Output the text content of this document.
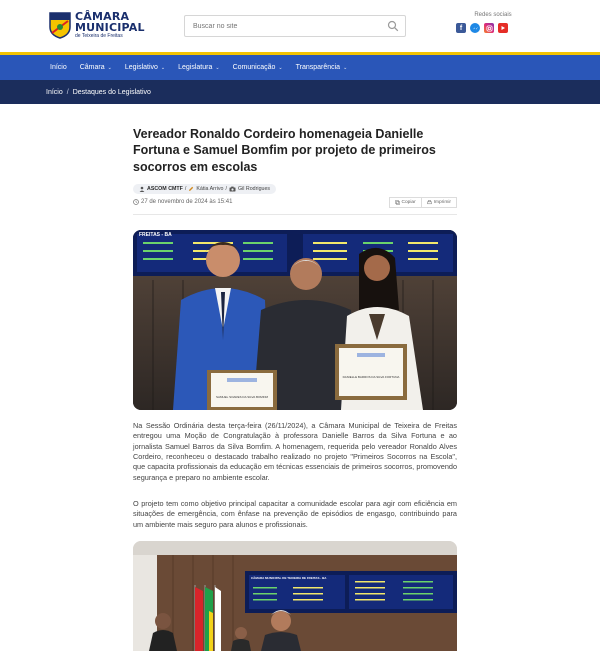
CÂMARA
MUNICIPAL
de Teixeira de Freitas
Buscar no site
Redes sociais
f
Início Câmara ⌄ Legislativo ⌄ Legislatura ⌄ Comunicação ⌄ Transparência ⌄
Início / Destaques do Legislativo
Vereador Ronaldo Cordeiro homenageia Danielle Fortuna e Samuel Bomfim por projeto de primeiros socorros em escolas
ASCOM CMTF / Kátia Arrivo / Gil Rodrigues
27 de novembro de 2024 às 15:41	Copiar	Imprimir
FREITAS - BA
SAMUEL SOARES DA SILVA BOMFIM
DANIELLE BARROS DA SILVA FORTUNA

Na Sessão Ordinária desta terça-feira (26/11/2024), a Câmara Municipal de Teixeira de Freitas entregou uma Moção de Congratulação à professora Danielle Barros da Silva Fortuna e ao jornalista Samuel Barros da Silva Bomfim. A homenagem, requerida pelo vereador Ronaldo Alves Cordeiro, reconheceu o destacado trabalho realizado no projeto "Primeiros Socorros na Escola", que capacita profissionais da educação em técnicas essenciais de primeiros socorros, promovendo segurança e preparo no ambiente escolar.

O projeto tem como objetivo principal capacitar a comunidade escolar para agir com eficiência em situações de emergência, com ênfase na prevenção de episódios de engasgo, contribuindo para um ambiente mais seguro para alunos e profissionais.

CÂMARA MUNICIPAL DE TEIXEIRA DE FREITAS - BA
